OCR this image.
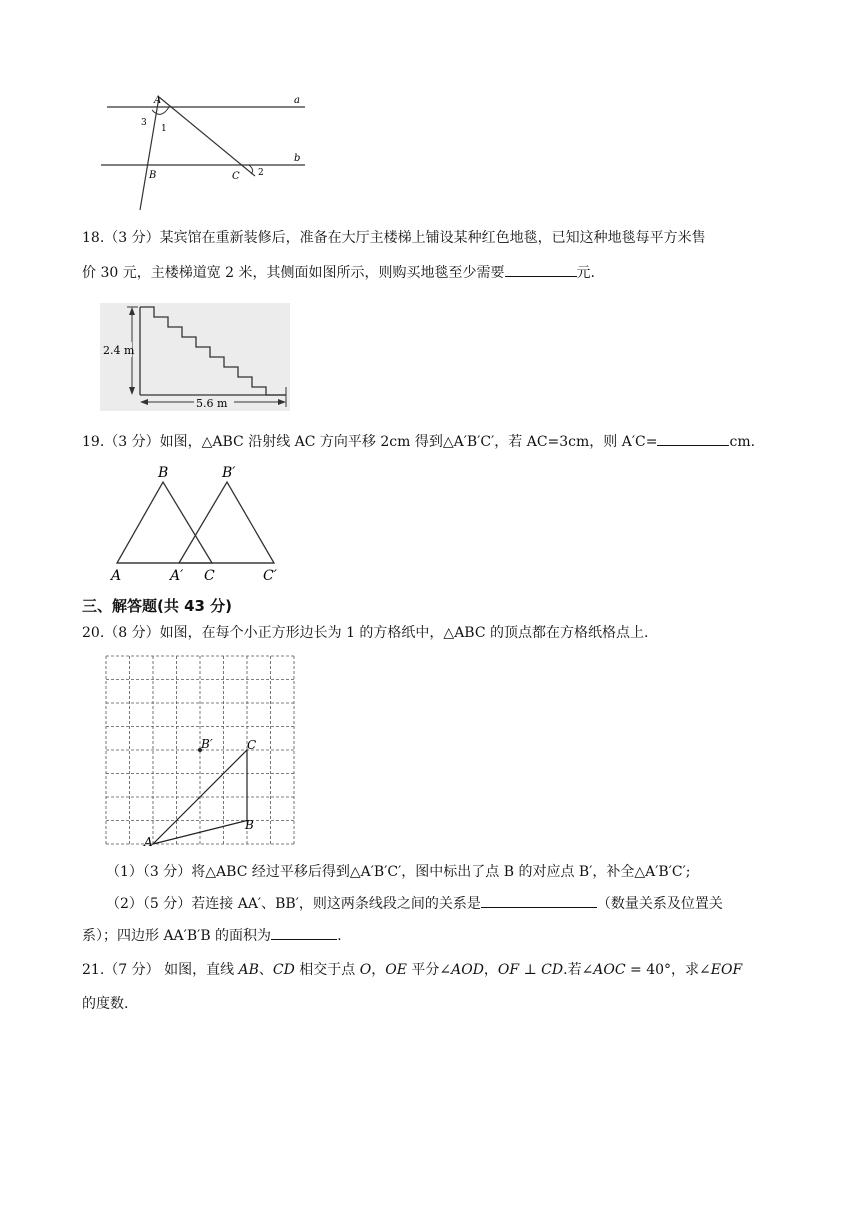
A	a
b
B	C
1
2
3
18.（3 分）某宾馆在重新装修后，准备在大厅主楼梯上铺设某种红色地毯，已知这种地毯每平方米售
价 30 元，主楼梯道宽 2 米，其侧面如图所示，则购买地毯至少需要	元.
2.4 m
5.6 m
19.（3 分）如图，△ABC 沿射线 AC 方向平移 2cm 得到△A′B′C′，若 AC=3cm，则 A′C=	cm.
B	B′
A	A′ C	C′
三、解答题(共 43 分)
20.（8 分）如图，在每个小正方形边长为 1 的方格纸中，△ABC 的顶点都在方格纸格点上.
A
B
C
B′
（1）（3 分）将△ABC 经过平移后得到△A′B′C′，图中标出了点 B 的对应点 B′，补全△A′B′C′;
（2）（5 分）若连接 AA′、BB′，则这两条线段之间的关系是	（数量关系及位置关
系）；四边形 AA′B′B 的面积为	.
21.（7 分） 如图，直线 𝐴𝐵、𝐶𝐷 相交于点 𝑂，𝑂𝐸 平分∠𝐴𝑂𝐷，𝑂𝐹 ⊥ 𝐶𝐷.若∠𝐴𝑂𝐶 = 40°，求∠𝐸𝑂𝐹
的度数.
